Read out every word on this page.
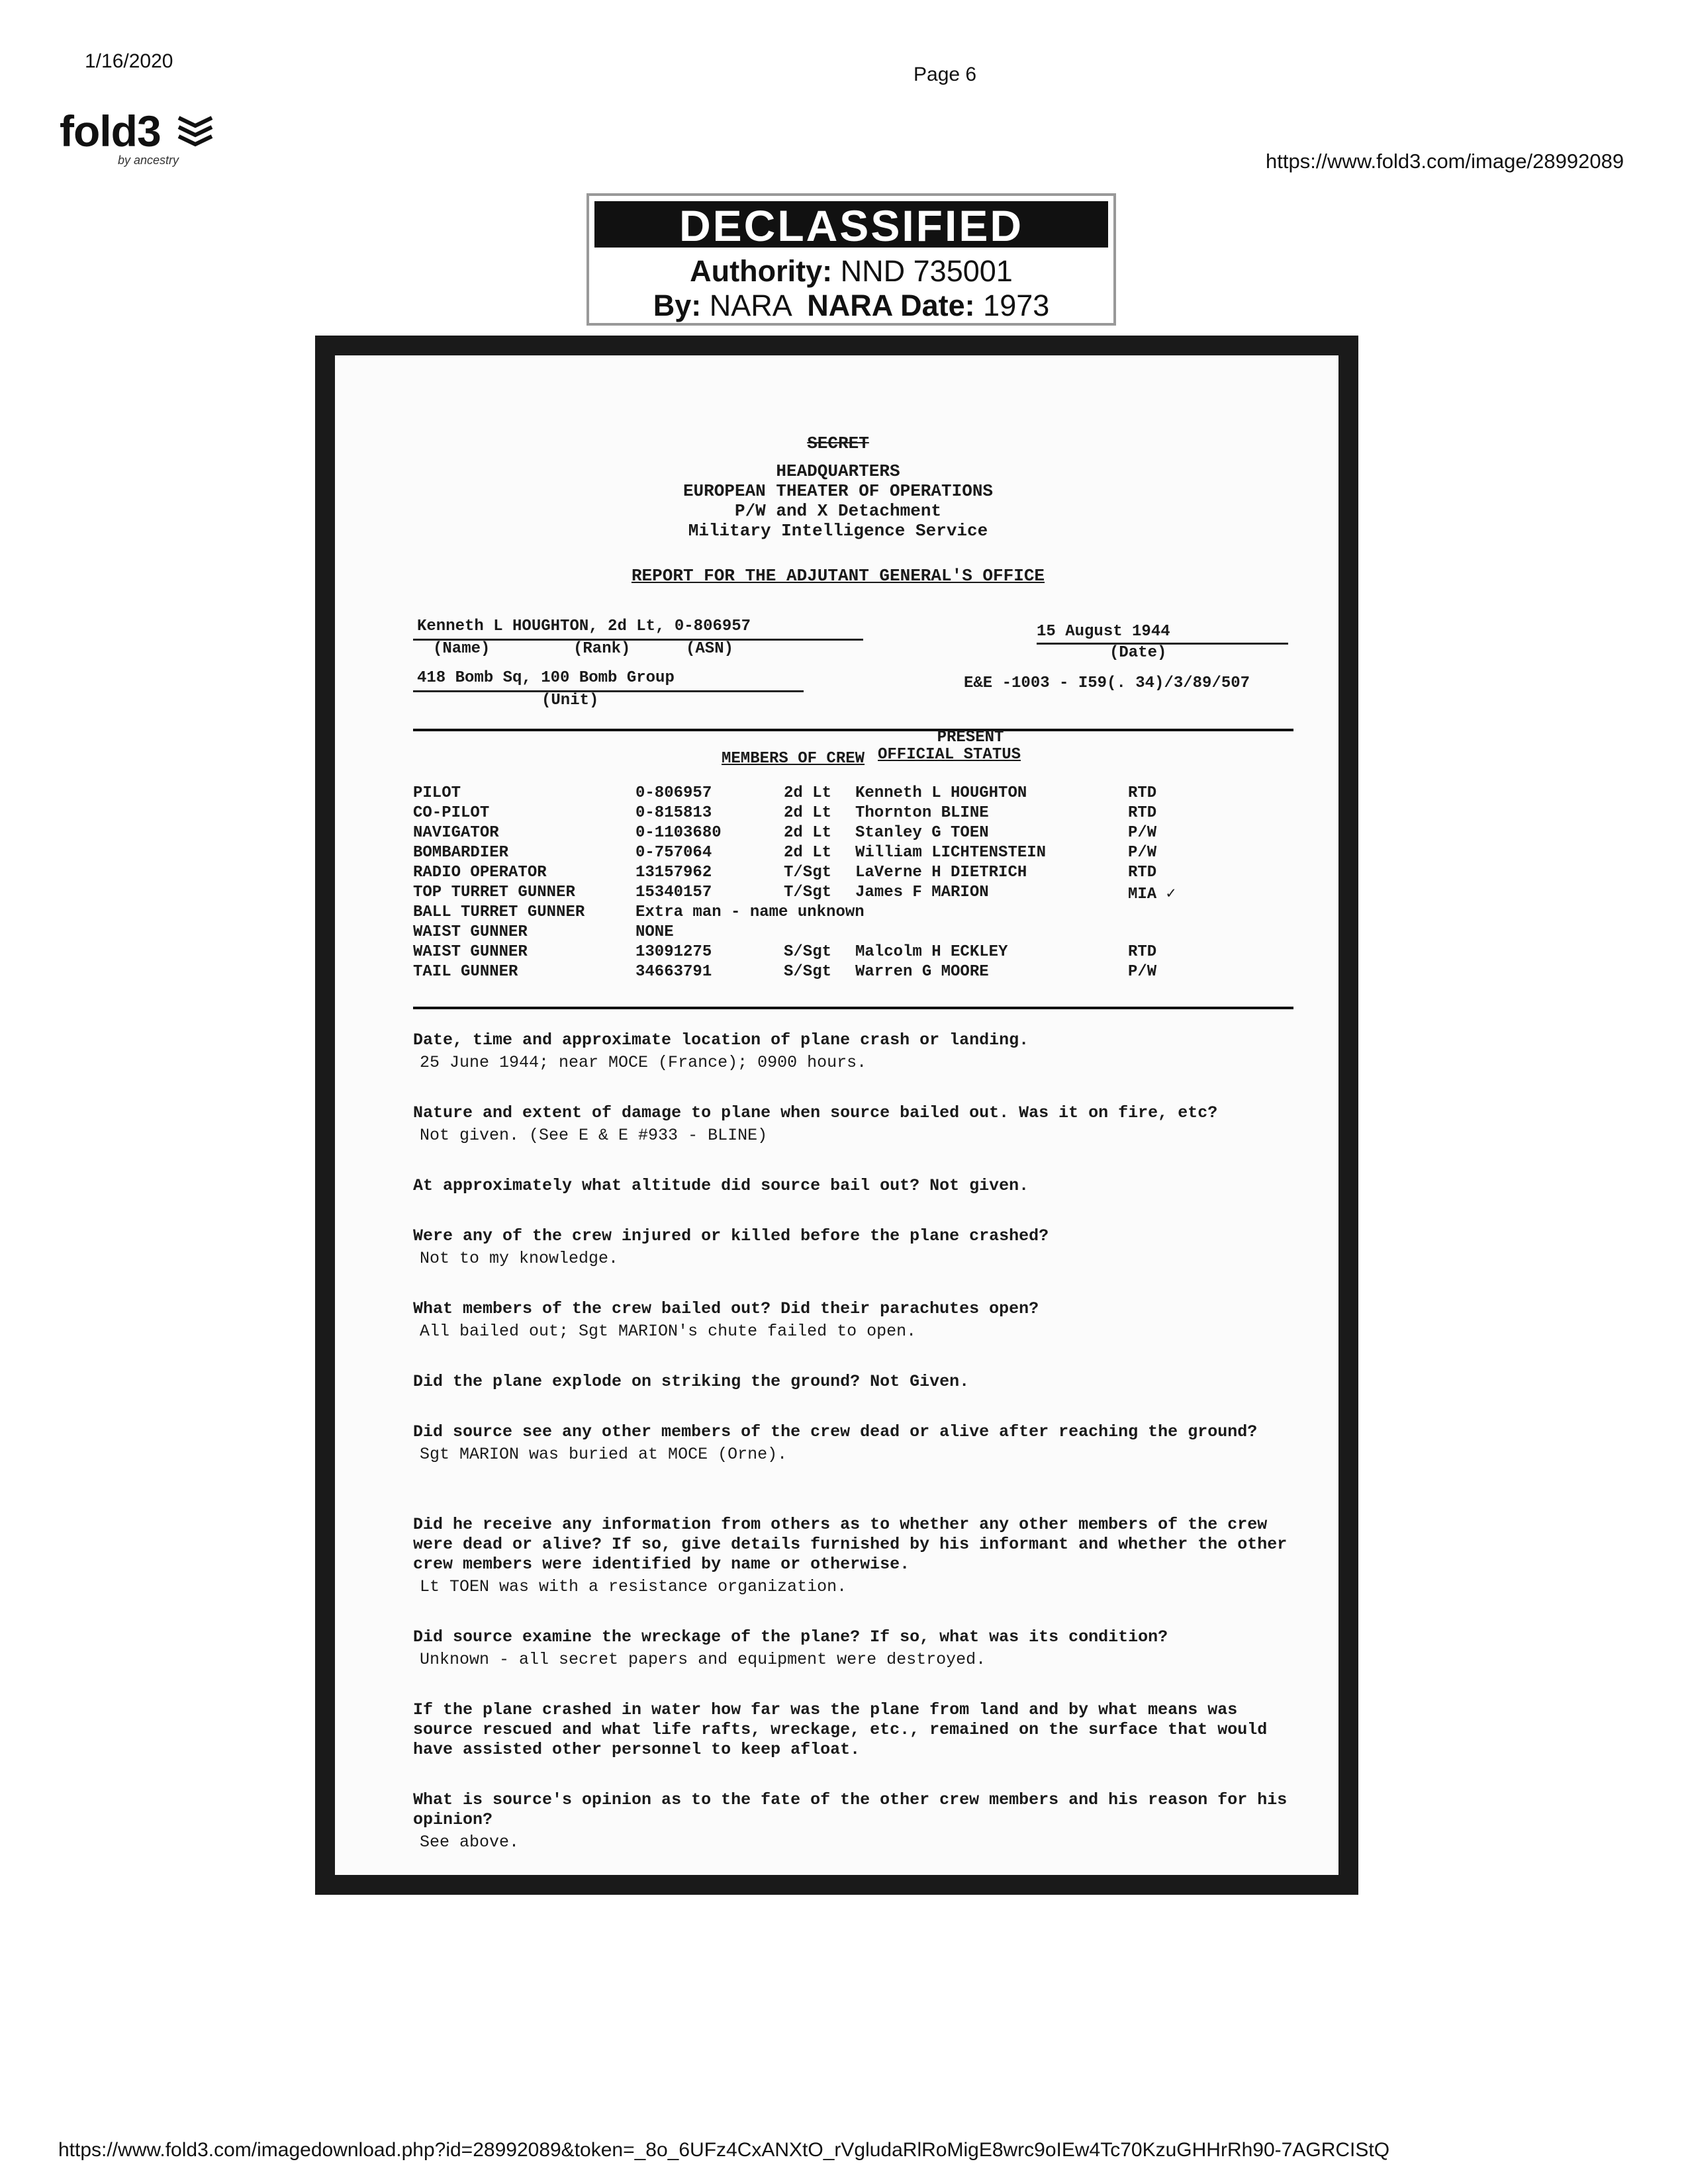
1/16/2020
Page 6
https://www.fold3.com/image/28992089
fold3
by ancestry
DECLASSIFIED
Authority: NND 735001
By: NARA NARA Date: 1973
SECRET
HEADQUARTERS
EUROPEAN THEATER OF OPERATIONS
P/W and X Detachment
Military Intelligence Service
REPORT FOR THE ADJUTANT GENERAL'S OFFICE
Kenneth L HOUGHTON, 2d Lt, 0-806957
(Name)	(Rank)	(ASN)
15 August 1944
(Date)
418 Bomb Sq, 100 Bomb Group
(Unit)
E&E -1003 - I59(. 34)/3/89/507
PRESENT
MEMBERS OF CREW OFFICIAL STATUS
PILOT	0-806957	2d Lt Kenneth L HOUGHTON	RTD
CO-PILOT	0-815813	2d Lt Thornton BLINE	RTD
NAVIGATOR	0-1103680	2d Lt Stanley G TOEN	P/W
BOMBARDIER	0-757064	2d Lt William LICHTENSTEIN	P/W
RADIO OPERATOR	13157962	T/Sgt LaVerne H DIETRICH	RTD
TOP TURRET GUNNER	15340157	T/Sgt James F MARION	MIA ✓
BALL TURRET GUNNER	Extra man - name unknown
WAIST GUNNER	NONE
WAIST GUNNER	13091275	S/Sgt Malcolm H ECKLEY	RTD
TAIL GUNNER	34663791	S/Sgt Warren G MOORE	P/W
Date, time and approximate location of plane crash or landing.
25 June 1944; near MOCE (France); 0900 hours.
Nature and extent of damage to plane when source bailed out. Was it on fire, etc?
Not given. (See E & E #933 - BLINE)
At approximately what altitude did source bail out? Not given.
Were any of the crew injured or killed before the plane crashed?
Not to my knowledge.
What members of the crew bailed out? Did their parachutes open?
All bailed out; Sgt MARION's chute failed to open.
Did the plane explode on striking the ground? Not Given.
Did source see any other members of the crew dead or alive after reaching the ground?
Sgt MARION was buried at MOCE (Orne).
Did he receive any information from others as to whether any other members of the crew were dead or alive? If so, give details furnished by his informant and whether the other crew members were identified by name or otherwise.
Lt TOEN was with a resistance organization.
Did source examine the wreckage of the plane? If so, what was its condition?
Unknown - all secret papers and equipment were destroyed.
If the plane crashed in water how far was the plane from land and by what means was source rescued and what life rafts, wreckage, etc., remained on the surface that would have assisted other personnel to keep afloat.
What is source's opinion as to the fate of the other crew members and his reason for his opinion?
See above.
https://www.fold3.com/imagedownload.php?id=28992089&token=_8o_6UFz4CxANXtO_rVgludaRlRoMigE8wrc9oIEw4Tc70KzuGHHrRh90-7AGRCIStQ
